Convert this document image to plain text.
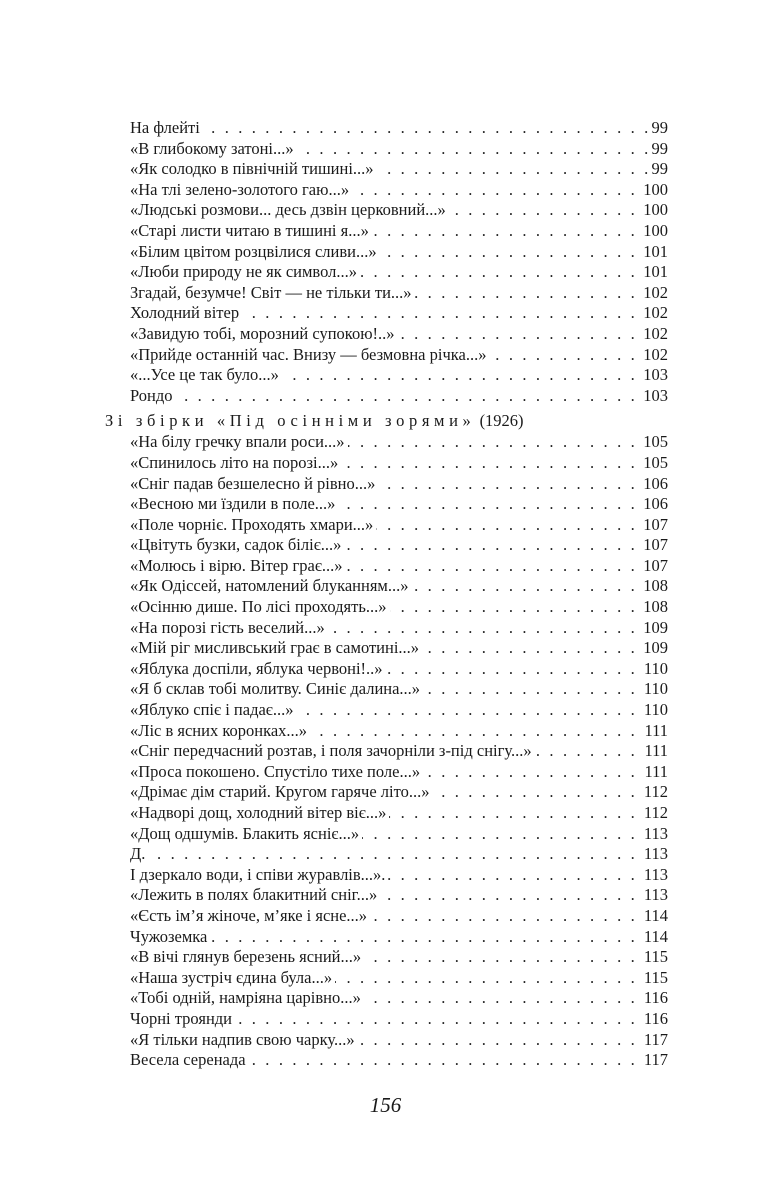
. . .
На флейті	99
. . .
«В глибокому затоні...»	99
. . .
«Як солодко в північній тишині...»	99
. . .
«На тлі зелено-золотого гаю...»	100
. . .
«Людські розмови... десь дзвін церковний...»	100
. . .
«Старі листи читаю в тишині я...»	100
. . .
«Білим цвітом розцвілися сливи...»	101
. . .
«Люби природу не як символ...»	101
. . .
Згадай, безумче! Світ — не тільки ти...»	102
. . .
Холодний вітер	102
. . .
«Завидую тобі, морозний супокою!..»	102
. . .
«Прийде останній час. Внизу — безмовна річка...»	102
. . .
«...Усе це так було...»	103
. . .
Рондо	103
Зі збірки «Під осінніми зорями» (1926)
. . .
«На білу гречку впали роси...»	105
. . .
«Спинилось літо на порозі...»	105
. . .
«Сніг падав безшелесно й рівно...»	106
. . .
«Весною ми їздили в поле...»	106
. . .
«Поле чорніє. Проходять хмари...»	107
. . .
«Цвітуть бузки, садок біліє...»	107
. . .
«Молюсь і вірю. Вітер грає...»	107
. . .
«Як Одіссей, натомлений блуканням...»	108
. . .
«Осінню дише. По лісі проходять...»	108
. . .
«На порозі гість веселий...»	109
. . .
«Мій ріг мисливський грає в самотині...»	109
. . .
«Яблука доспіли, яблука червоні!..»	110
. . .
«Я б склав тобі молитву. Синіє далина...»	110
. . .
«Яблуко спіє і падає...»	110
. . .
«Ліс в ясних коронках...»	111
. . .
«Сніг передчасний розтав, і поля зачорніли з-під снігу...»	111
. . .
«Проса покошено. Спустіло тихе поле...»	111
. . .
«Дрімає дім старий. Кругом гаряче літо...»	112
. . .
«Надворі дощ, холодний вітер віє...»	112
. . .
«Дощ одшумів. Блакить ясніє...»	113
. . .
Д.	113
. . .
І дзеркало води, і співи журавлів...».	113
. . .
«Лежить в полях блакитний сніг...»	113
. . .
«Єсть ім’я жіноче, м’яке і ясне...»	114
. . .
Чужоземка	114
. . .
«В вічі глянув березень ясний...»	115
. . .
«Наша зустріч єдина була...»	115
. . .
«Тобі одній, намріяна царівно...»	116
. . .
Чорні троянди	116
. . .
«Я тільки надпив свою чарку...»	117
. . .
Весела серенада	117
156
